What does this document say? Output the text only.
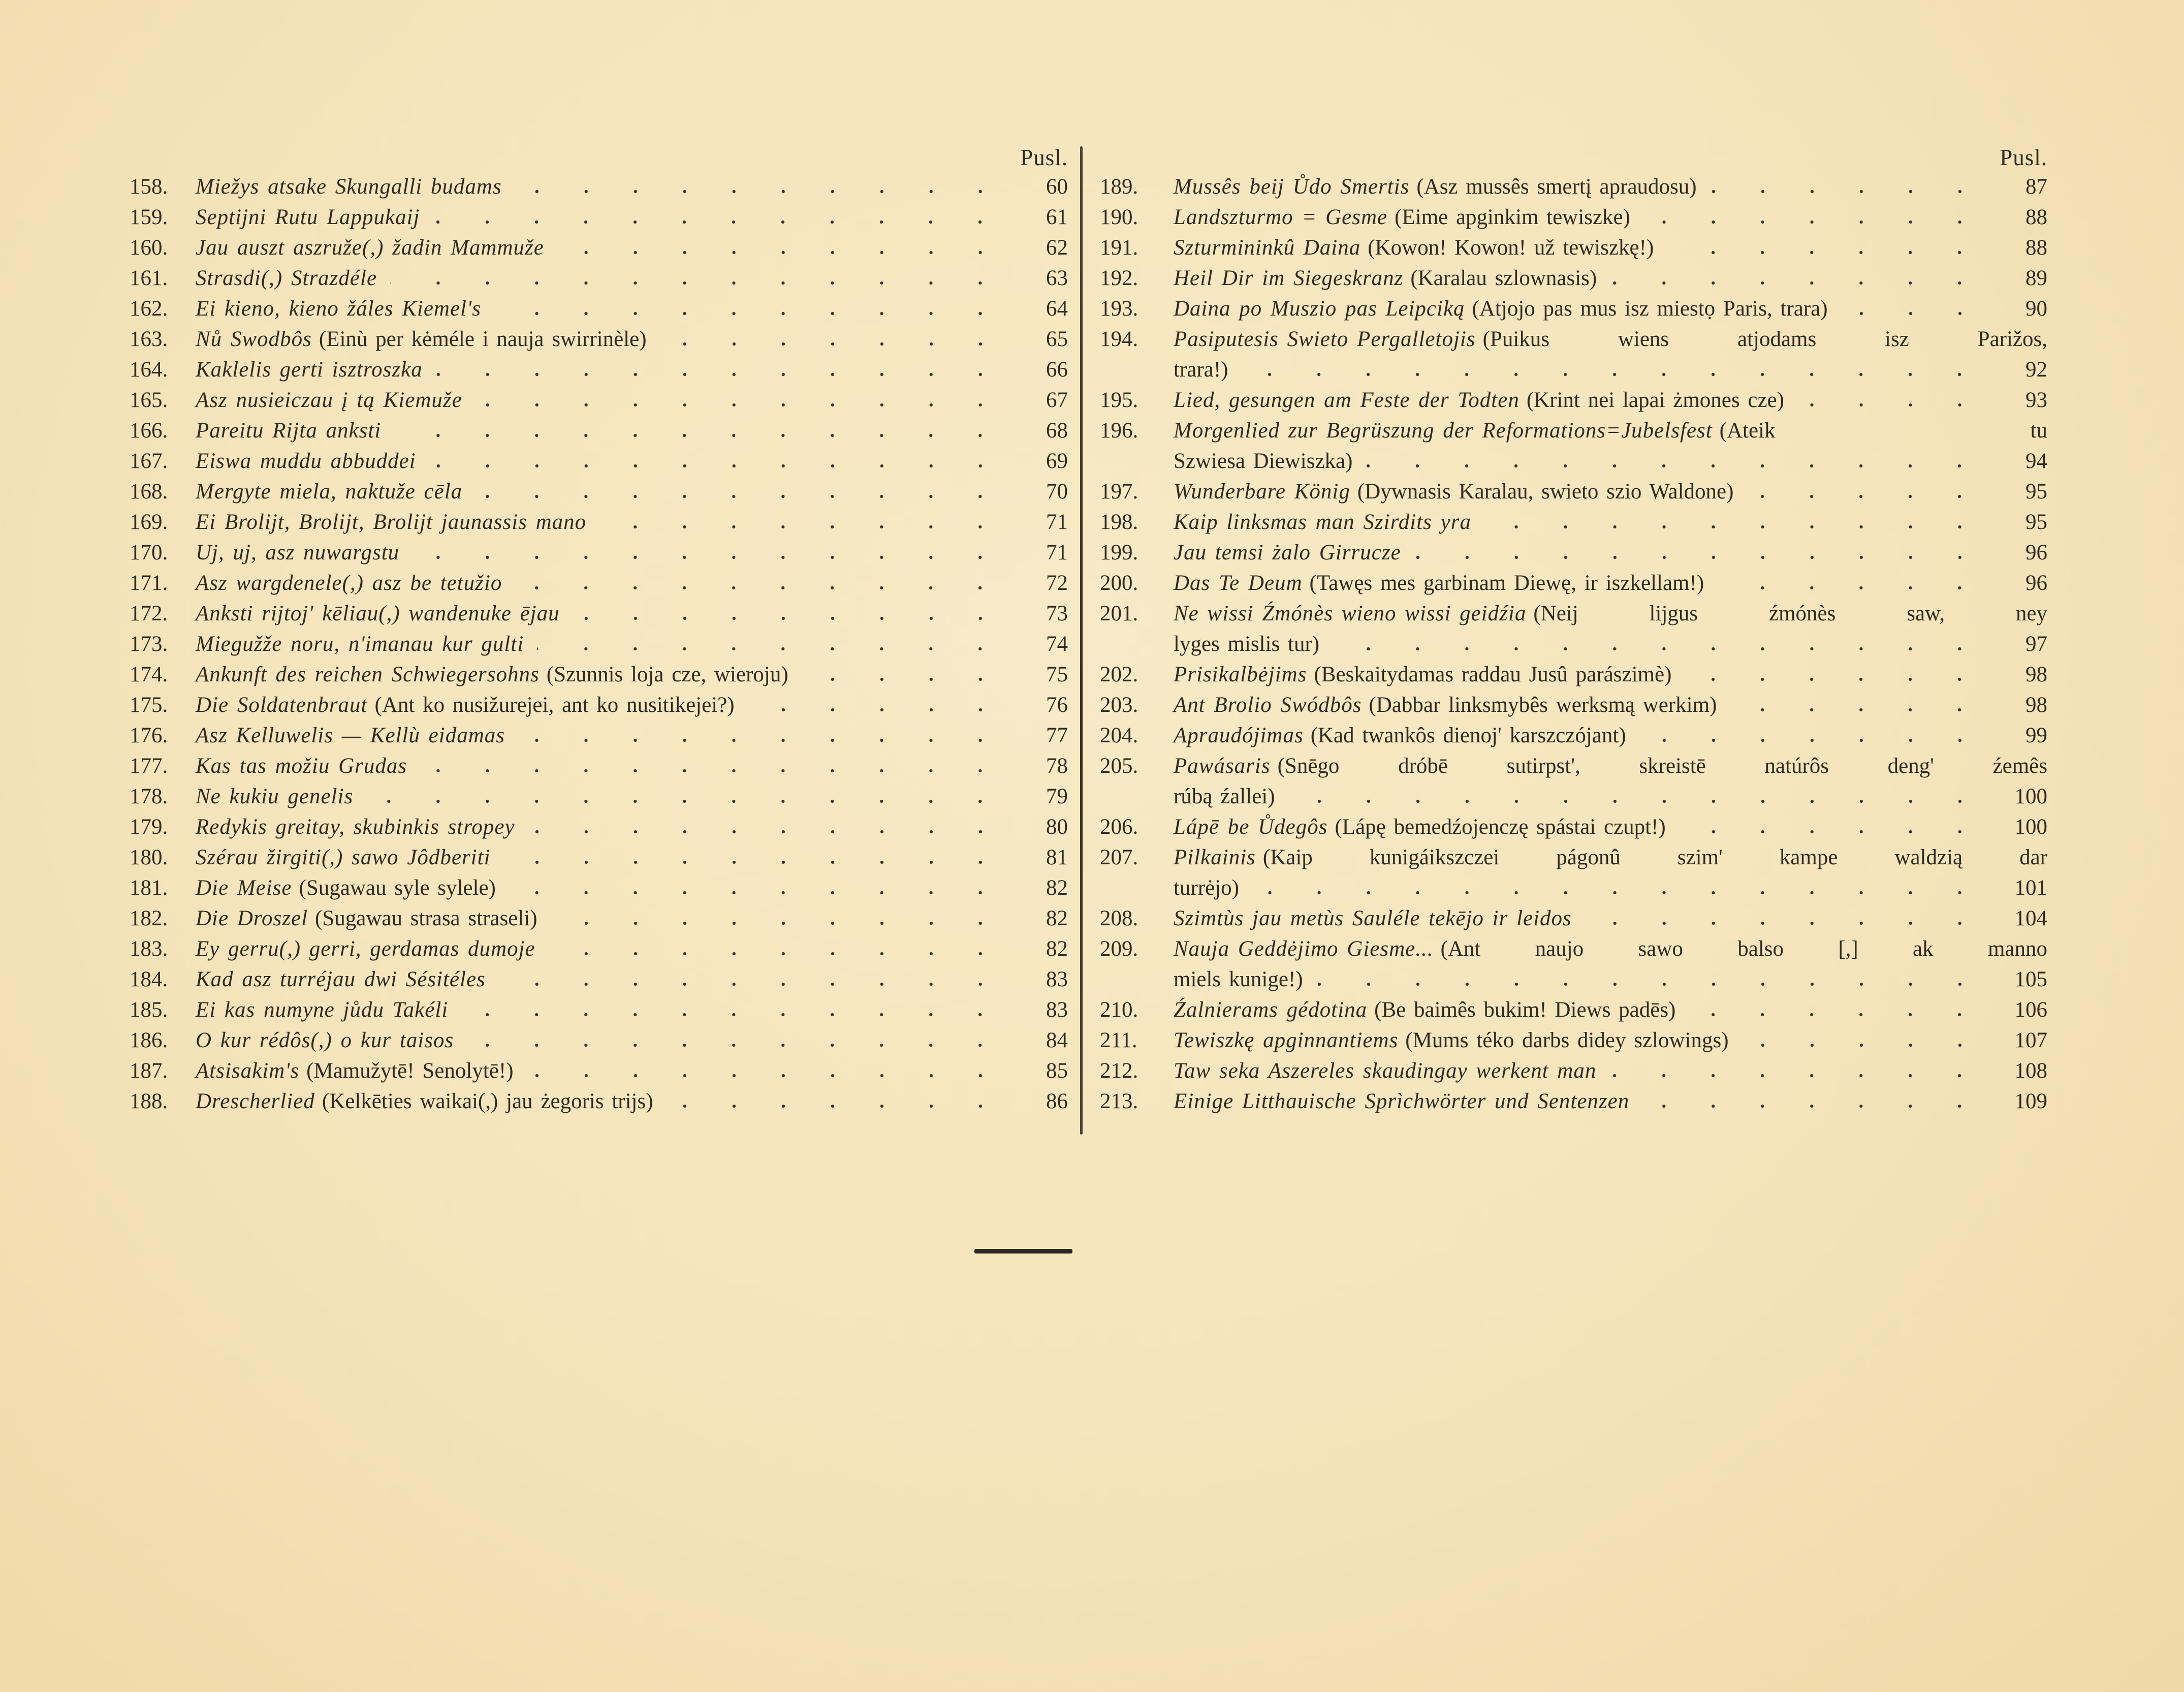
Pusl.
158.	Miežys atsake Skungalli budams	60
159.	Septijni Rutu Lappukaij	61
160.	Jau auszt aszruže(,) žadin Mammuže	62
161.	Strasdi(,) Strazdéle	63
162.	Ei kieno, kieno žáles Kiemel's	64
163.	Nů Swodbôs (Einù per kėméle i nauja swirrinèle)	65
164.	Kaklelis gerti isztroszka	66
165.	Asz nusieiczau į tą Kiemuže	67
166.	Pareitu Rijta anksti	68
167.	Eiswa muddu abbuddei	69
168.	Mergyte miela, naktuže cēla	70
169.	Ei Brolijt, Brolijt, Brolijt jaunassis mano	71
170.	Uj, uj, asz nuwargstu	71
171.	Asz wargdenele(,) asz be tetužio	72
172.	Anksti rijtoj' kēliau(,) wandenuke ējau	73
173.	Miegužže noru, n'imanau kur gulti	74
174.	Ankunft des reichen Schwiegersohns (Szunnis loja cze, wieroju)	75
175.	Die Soldatenbraut (Ant ko nusižurejei, ant ko nusitikejei?)	76
176.	Asz Kelluwelis — Kellù eidamas	77
177.	Kas tas možiu Grudas	78
178.	Ne kukiu genelis	79
179.	Redykis greitay, skubinkis stropey	80
180.	Szérau žirgiti(,) sawo Jôdberiti	81
181.	Die Meise (Sugawau syle sylele)	82
182.	Die Droszel (Sugawau strasa straseli)	82
183.	Ey gerru(,) gerri, gerdamas dumoje	82
184.	Kad asz turréjau dwi Sésitéles	83
185.	Ei kas numyne jůdu Takéli	83
186.	O kur rédôs(,) o kur taisos	84
187.	Atsisakim's (Mamužytē! Senolytē!)	85
188.	Drescherlied (Kelkēties waikai(,) jau żegoris trijs)	86
Pusl.
189.	Mussês beij Ůdo Smertis (Asz mussês smertį apraudosu)	87
190.	Landszturmo = Gesme (Eime apginkim tewiszke)	88
191.	Szturmininkû Daina (Kowon! Kowon! už tewiszkę!)	88
192.	Heil Dir im Siegeskranz (Karalau szlownasis)	89
193.	Daina po Muszio pas Leipciką (Atjojo pas mus isz miestọ Paris, trara)	90
194.	Pasiputesis Swieto Pergalletojis (Puikus wiens atjodams isz Parižos,
trara!)	92
195.	Lied, gesungen am Feste der Todten (Krint nei lapai żmones cze)	93
196.	Morgenlied zur Begrüszung der Reformations=Jubelsfest (Ateik tu
Szwiesa Diewiszka)	94
197.	Wunderbare König (Dywnasis Karalau, swieto szio Waldone)	95
198.	Kaip linksmas man Szirdits yra	95
199.	Jau temsi żalo Girrucze	96
200.	Das Te Deum (Tawęs mes garbinam Diewę, ir iszkellam!)	96
201.	Ne wissi Źmónès wieno wissi geidźia (Neij lijgus źmónès saw, ney
lyges mislis tur)	97
202.	Prisikalbėjims (Beskaitydamas raddau Jusû parászimè)	98
203.	Ant Brolio Swódbôs (Dabbar linksmybês werksmą werkim)	98
204.	Apraudójimas (Kad twankôs dienoj' karszczójant)	99
205.	Pawásaris (Snēgo dróbē sutirpst', skreistē natúrôs deng' źemês
rúbą źallei)	100
206.	Lápē be Ůdegôs (Lápę bemedźojenczę spástai czupt!)	100
207.	Pilkainis (Kaip kunigáikszczei págonû szim' kampe waldzią dar
turrėjo)	101
208.	Szimtùs jau metùs Sauléle tekējo ir leidos	104
209.	Nauja Geddėjimo Giesme... (Ant naujo sawo balso [,] ak manno
miels kunige!)	105
210.	Źalnierams gédotina (Be baimês bukim! Diews padēs)	106
211.	Tewiszkę apginnantiems (Mums téko darbs didey szlowings)	107
212.	Taw seka Aszereles skaudingay werkent man	108
213.	Einige Litthauische Sprìchwörter und Sentenzen	109
